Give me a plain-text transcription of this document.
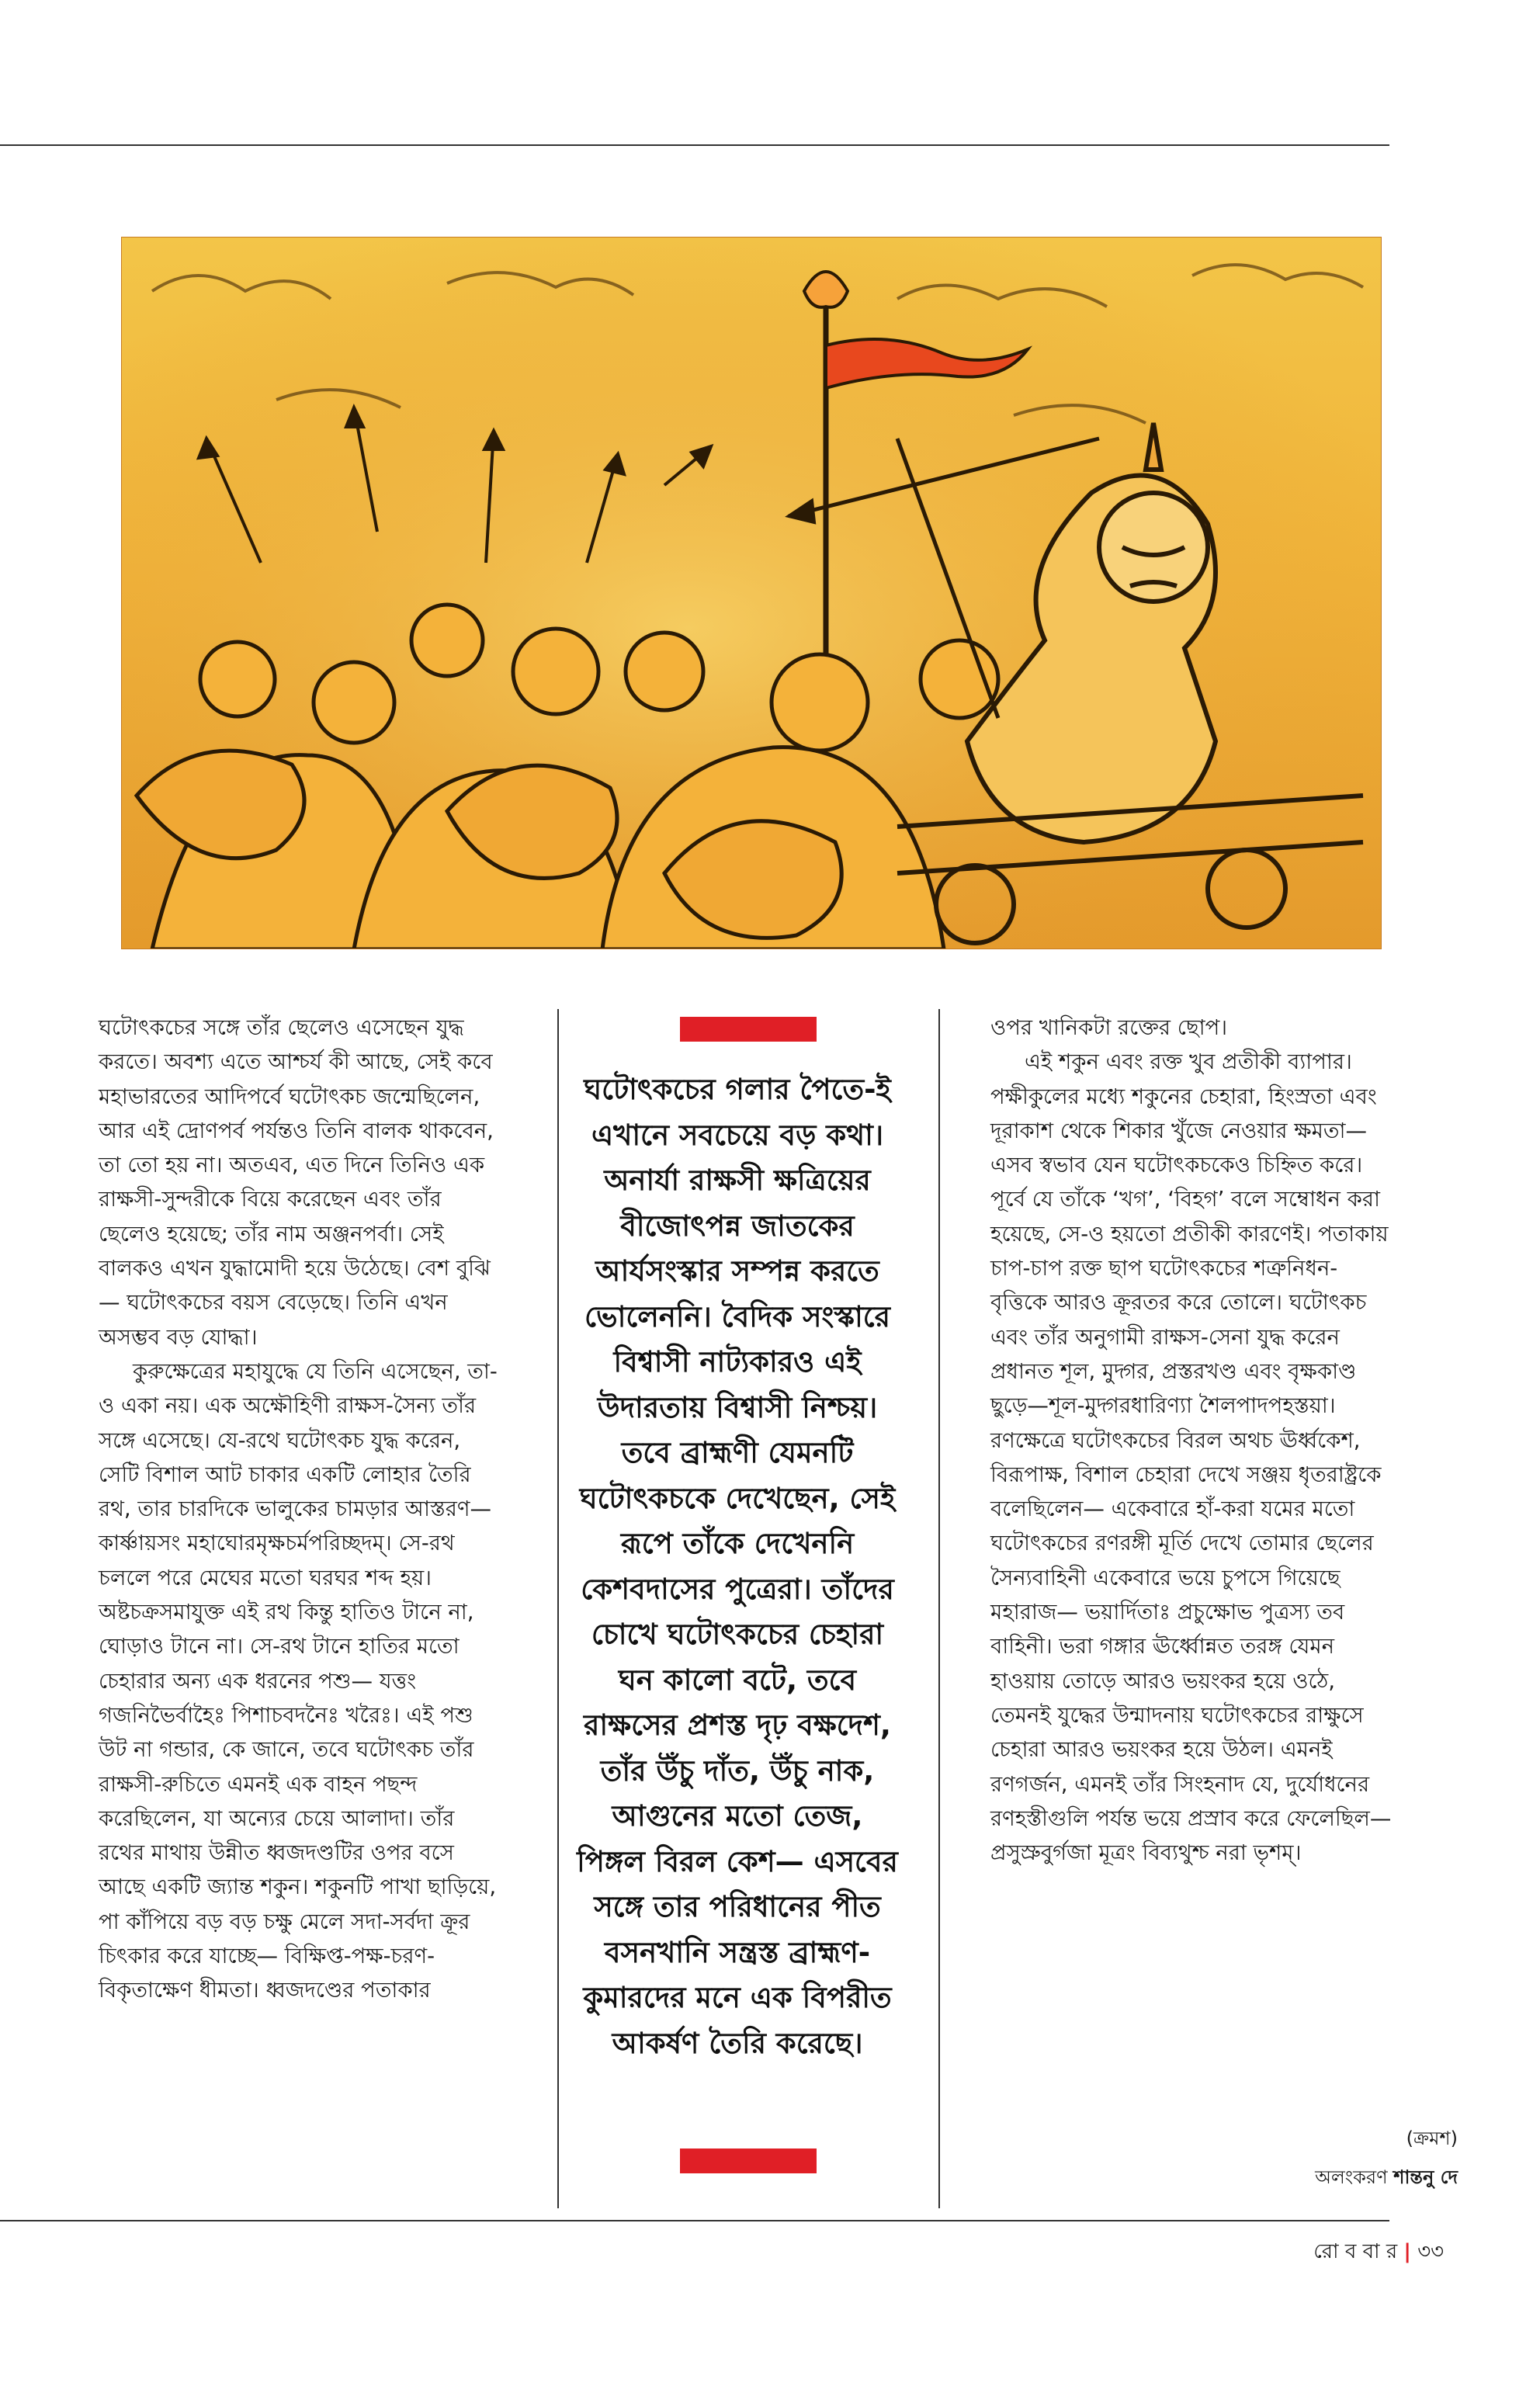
ঘটোৎকচের সঙ্গে তাঁর ছেলেও এসেছেন যুদ্ধ করতে। অবশ্য এতে আশ্চর্য কী আছে, সেই কবে মহাভারতের আদিপর্বে ঘটোৎকচ জন্মেছিলেন, আর এই দ্রোণপর্ব পর্যন্তও তিনি বালক থাকবেন, তা তো হয় না। অতএব, এত দিনে তিনিও এক রাক্ষসী-সুন্দরীকে বিয়ে করেছেন এবং তাঁর ছেলেও হয়েছে; তাঁর নাম অঞ্জনপর্বা। সেই বালকও এখন যুদ্ধামোদী হয়ে উঠেছে। বেশ বুঝি— ঘটোৎকচের বয়স বেড়েছে। তিনি এখন অসম্ভব বড় যোদ্ধা।

কুরুক্ষেত্রের মহাযুদ্ধে যে তিনি এসেছেন, তা-ও একা নয়। এক অক্ষৌহিণী রাক্ষস-সৈন্য তাঁর সঙ্গে এসেছে। যে-রথে ঘটোৎকচ যুদ্ধ করেন, সেটি বিশাল আট চাকার একটি লোহার তৈরি রথ, তার চারদিকে ভালুকের চামড়ার আস্তরণ— কার্ষ্ণায়সং মহাঘোরমৃক্ষচর্মপরিচ্ছদম্। সে-রথ চললে পরে মেঘের মতো ঘরঘর শব্দ হয়। অষ্টচক্রসমাযুক্ত এই রথ কিন্তু হাতিও টানে না, ঘোড়াও টানে না। সে-রথ টানে হাতির মতো চেহারার অন্য এক ধরনের পশু— যত্তং গজনিভৈর্বাহৈঃ পিশাচবদনৈঃ খরৈঃ। এই পশু উট না গন্ডার, কে জানে, তবে ঘটোৎকচ তাঁর রাক্ষসী-রুচিতে এমনই এক বাহন পছন্দ করেছিলেন, যা অন্যের চেয়ে আলাদা। তাঁর রথের মাথায় উন্নীত ধ্বজদণ্ডটির ওপর বসে আছে একটি জ্যান্ত শকুন। শকুনটি পাখা ছাড়িয়ে, পা কাঁপিয়ে বড় বড় চক্ষু মেলে সদা-সর্বদা ক্রূর চিৎকার করে যাচ্ছে— বিক্ষিপ্ত-পক্ষ-চরণ-বিকৃতাক্ষেণ ধীমতা। ধ্বজদণ্ডের পতাকার

ঘটোৎকচের গলার পৈতে-ই এখানে সবচেয়ে বড় কথা। অনার্যা রাক্ষসী ক্ষত্রিয়ের বীজোৎপন্ন জাতকের আর্যসংস্কার সম্পন্ন করতে ভোলেননি। বৈদিক সংস্কারে বিশ্বাসী নাট্যকারও এই উদারতায় বিশ্বাসী নিশ্চয়। তবে ব্রাহ্মণী যেমনটি ঘটোৎকচকে দেখেছেন, সেই রূপে তাঁকে দেখেননি কেশবদাসের পুত্রেরা। তাঁদের চোখে ঘটোৎকচের চেহারা ঘন কালো বটে, তবে রাক্ষসের প্রশস্ত দৃঢ় বক্ষদেশ, তাঁর উঁচু দাঁত, উঁচু নাক, আগুনের মতো তেজ, পিঙ্গল বিরল কেশ— এসবের সঙ্গে তার পরিধানের পীত বসনখানি সন্ত্রস্ত ব্রাহ্মণ-কুমারদের মনে এক বিপরীত আকর্ষণ তৈরি করেছে।

ওপর খানিকটা রক্তের ছোপ।

এই শকুন এবং রক্ত খুব প্রতীকী ব্যাপার। পক্ষীকুলের মধ্যে শকুনের চেহারা, হিংস্রতা এবং দূরাকাশ থেকে শিকার খুঁজে নেওয়ার ক্ষমতা— এসব স্বভাব যেন ঘটোৎকচকেও চিহ্নিত করে। পূর্বে যে তাঁকে ‘খগ’, ‘বিহগ’ বলে সম্বোধন করা হয়েছে, সে-ও হয়তো প্রতীকী কারণেই। পতাকায় চাপ-চাপ রক্ত ছাপ ঘটোৎকচের শত্রুনিধন-বৃত্তিকে আরও ক্রূরতর করে তোলে। ঘটোৎকচ এবং তাঁর অনুগামী রাক্ষস-সেনা যুদ্ধ করেন প্রধানত শূল, মুদ্গর, প্রস্তরখণ্ড এবং বৃক্ষকাণ্ড ছুড়ে—শূল-মুদ্গরধারিণ্যা শৈলপাদপহস্তয়া। রণক্ষেত্রে ঘটোৎকচের বিরল অথচ ঊর্ধ্বকেশ, বিরূপাক্ষ, বিশাল চেহারা দেখে সঞ্জয় ধৃতরাষ্ট্রকে বলেছিলেন— একেবারে হাঁ-করা যমের মতো ঘটোৎকচের রণরঙ্গী মূর্তি দেখে তোমার ছেলের সৈন্যবাহিনী একেবারে ভয়ে চুপসে গিয়েছে মহারাজ— ভয়ার্দিতাঃ প্রচুক্ষোভ পুত্রস্য তব বাহিনী। ভরা গঙ্গার ঊর্ধ্বোন্নত তরঙ্গ যেমন হাওয়ায় তোড়ে আরও ভয়ংকর হয়ে ওঠে, তেমনই যুদ্ধের উন্মাদনায় ঘটোৎকচের রাক্ষুসে চেহারা আরও ভয়ংকর হয়ে উঠল। এমনই রণগর্জন, এমনই তাঁর সিংহনাদ যে, দুর্যোধনের রণহস্তীগুলি পর্যন্ত ভয়ে প্রস্রাব করে ফেলেছিল— প্রসুস্রুবুর্গজা মূত্রং বিব্যথুশ্চ নরা ভৃশম্।

(ক্রমশ)
অলংকরণ শান্তনু দে
রো ব বা র | ৩৩
